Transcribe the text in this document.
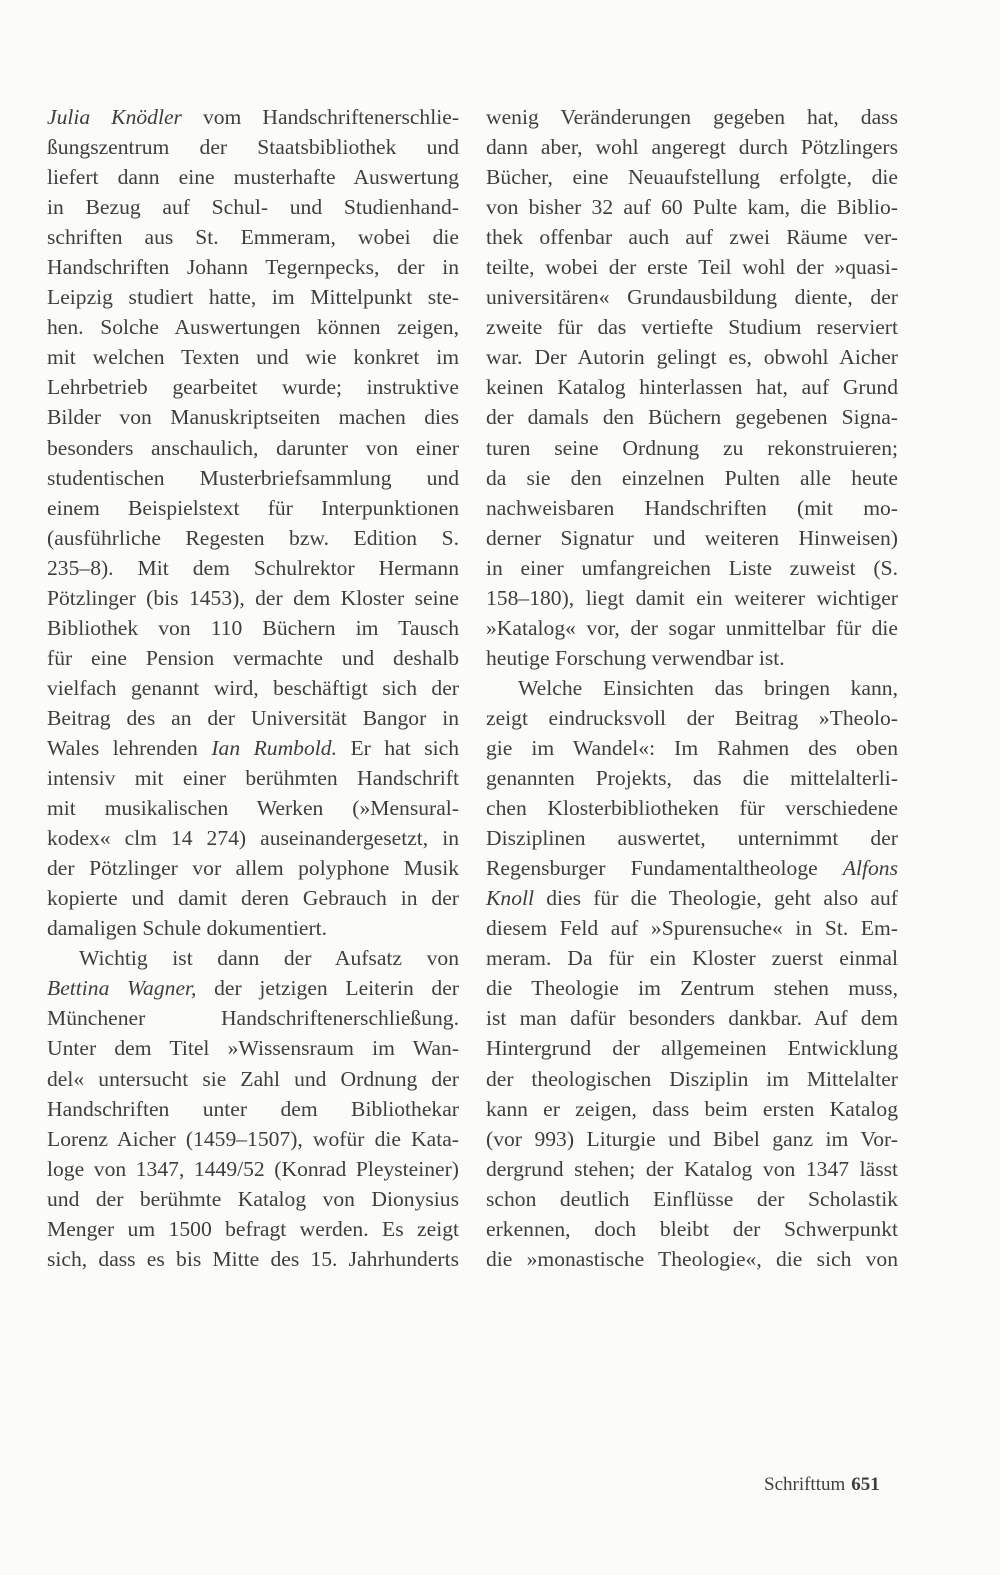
Julia Knödler vom Handschriftenerschlie-
ßungszentrum der Staatsbibliothek und
liefert dann eine musterhafte Auswertung
in Bezug auf Schul- und Studienhand-
schriften aus St. Emmeram, wobei die
Handschriften Johann Tegernpecks, der in
Leipzig studiert hatte, im Mittelpunkt ste-
hen. Solche Auswertungen können zeigen,
mit welchen Texten und wie konkret im
Lehrbetrieb gearbeitet wurde; instruktive
Bilder von Manuskriptseiten machen dies
besonders anschaulich, darunter von einer
studentischen Musterbriefsammlung und
einem Beispielstext für Interpunktionen
(ausführliche Regesten bzw. Edition S.
235–8). Mit dem Schulrektor Hermann
Pötzlinger (bis 1453), der dem Kloster seine
Bibliothek von 110 Büchern im Tausch
für eine Pension vermachte und deshalb
vielfach genannt wird, beschäftigt sich der
Beitrag des an der Universität Bangor in
Wales lehrenden Ian Rumbold. Er hat sich
intensiv mit einer berühmten Handschrift
mit musikalischen Werken (»Mensural-
kodex« clm 14 274) auseinandergesetzt, in
der Pötzlinger vor allem polyphone Musik
kopierte und damit deren Gebrauch in der
damaligen Schule dokumentiert.
Wichtig ist dann der Aufsatz von
Bettina Wagner, der jetzigen Leiterin der
Münchener Handschriftenerschließung.
Unter dem Titel »Wissensraum im Wan-
del« untersucht sie Zahl und Ordnung der
Handschriften unter dem Bibliothekar
Lorenz Aicher (1459–1507), wofür die Kata-
loge von 1347, 1449/52 (Konrad Pleysteiner)
und der berühmte Katalog von Dionysius
Menger um 1500 befragt werden. Es zeigt
sich, dass es bis Mitte des 15. Jahrhunderts
wenig Veränderungen gegeben hat, dass
dann aber, wohl angeregt durch Pötzlingers
Bücher, eine Neuaufstellung erfolgte, die
von bisher 32 auf 60 Pulte kam, die Biblio-
thek offenbar auch auf zwei Räume ver-
teilte, wobei der erste Teil wohl der »quasi-
universitären« Grundausbildung diente, der
zweite für das vertiefte Studium reserviert
war. Der Autorin gelingt es, obwohl Aicher
keinen Katalog hinterlassen hat, auf Grund
der damals den Büchern gegebenen Signa-
turen seine Ordnung zu rekonstruieren;
da sie den einzelnen Pulten alle heute
nachweisbaren Handschriften (mit mo-
derner Signatur und weiteren Hinweisen)
in einer umfangreichen Liste zuweist (S.
158–180), liegt damit ein weiterer wichtiger
»Katalog« vor, der sogar unmittelbar für die
heutige Forschung verwendbar ist.
Welche Einsichten das bringen kann,
zeigt eindrucksvoll der Beitrag »Theolo-
gie im Wandel«: Im Rahmen des oben
genannten Projekts, das die mittelalterli-
chen Klosterbibliotheken für verschiedene
Disziplinen auswertet, unternimmt der
Regensburger Fundamentaltheologe Alfons
Knoll dies für die Theologie, geht also auf
diesem Feld auf »Spurensuche« in St. Em-
meram. Da für ein Kloster zuerst einmal
die Theologie im Zentrum stehen muss,
ist man dafür besonders dankbar. Auf dem
Hintergrund der allgemeinen Entwicklung
der theologischen Disziplin im Mittelalter
kann er zeigen, dass beim ersten Katalog
(vor 993) Liturgie und Bibel ganz im Vor-
dergrund stehen; der Katalog von 1347 lässt
schon deutlich Einflüsse der Scholastik
erkennen, doch bleibt der Schwerpunkt
die »monastische Theologie«, die sich von
Schrifttum 651
